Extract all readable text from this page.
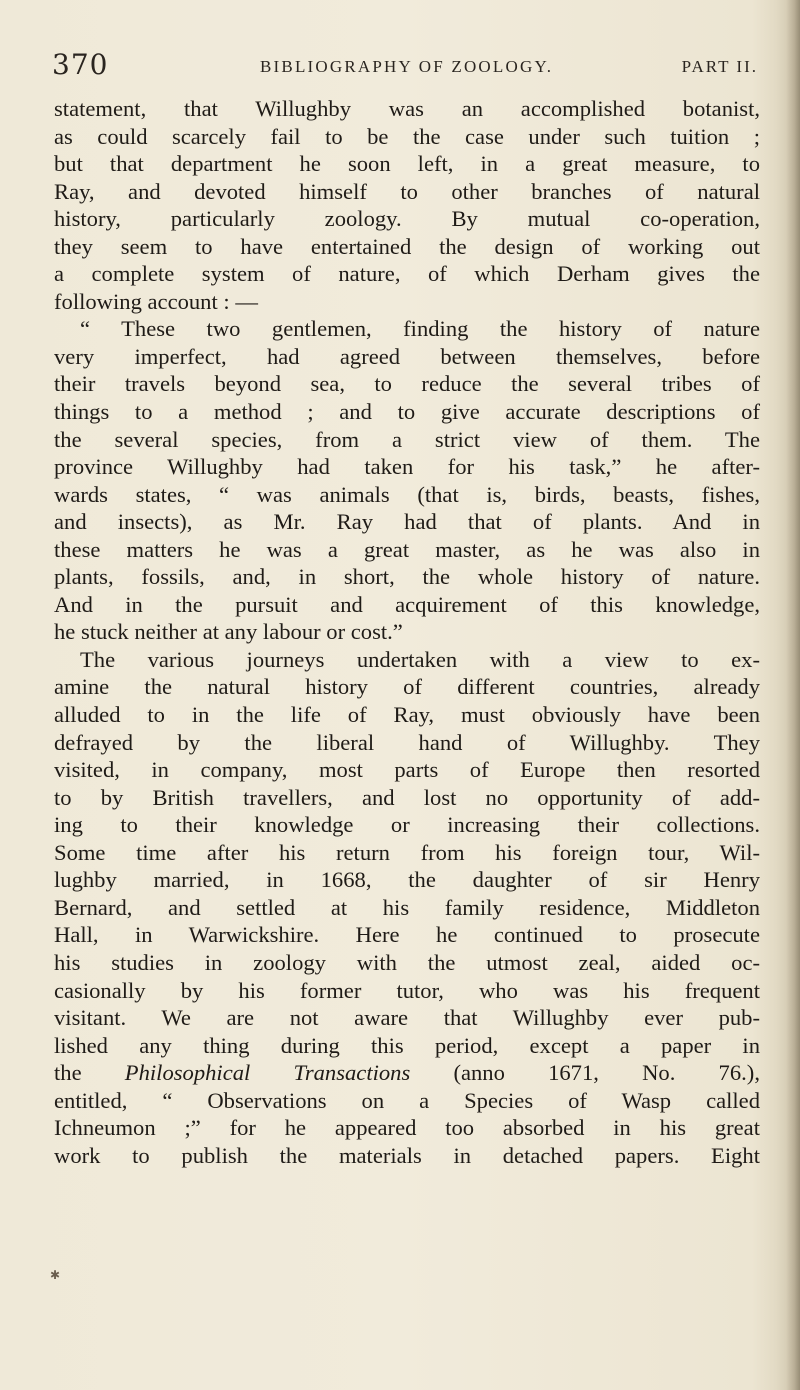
370	BIBLIOGRAPHY OF ZOOLOGY.	PART II.
statement, that Willughby was an accomplished botanist,
as could scarcely fail to be the case under such tuition ;
but that department he soon left, in a great measure, to
Ray, and devoted himself to other branches of natural
history, particularly zoology. By mutual co-operation,
they seem to have entertained the design of working out
a complete system of nature, of which Derham gives the
following account : —
“ These two gentlemen, finding the history of nature
very imperfect, had agreed between themselves, before
their travels beyond sea, to reduce the several tribes of
things to a method ; and to give accurate descriptions of
the several species, from a strict view of them. The
province Willughby had taken for his task,” he after-
wards states, “ was animals (that is, birds, beasts, fishes,
and insects), as Mr. Ray had that of plants. And in
these matters he was a great master, as he was also in
plants, fossils, and, in short, the whole history of nature.
And in the pursuit and acquirement of this knowledge,
he stuck neither at any labour or cost.”
The various journeys undertaken with a view to ex-
amine the natural history of different countries, already
alluded to in the life of Ray, must obviously have been
defrayed by the liberal hand of Willughby. They
visited, in company, most parts of Europe then resorted
to by British travellers, and lost no opportunity of add-
ing to their knowledge or increasing their collections.
Some time after his return from his foreign tour, Wil-
lughby married, in 1668, the daughter of sir Henry
Bernard, and settled at his family residence, Middleton
Hall, in Warwickshire. Here he continued to prosecute
his studies in zoology with the utmost zeal, aided oc-
casionally by his former tutor, who was his frequent
visitant. We are not aware that Willughby ever pub-
lished any thing during this period, except a paper in
the Philosophical Transactions (anno 1671, No. 76.),
entitled, “ Observations on a Species of Wasp called
Ichneumon ;” for he appeared too absorbed in his great
work to publish the materials in detached papers. Eight
✱
